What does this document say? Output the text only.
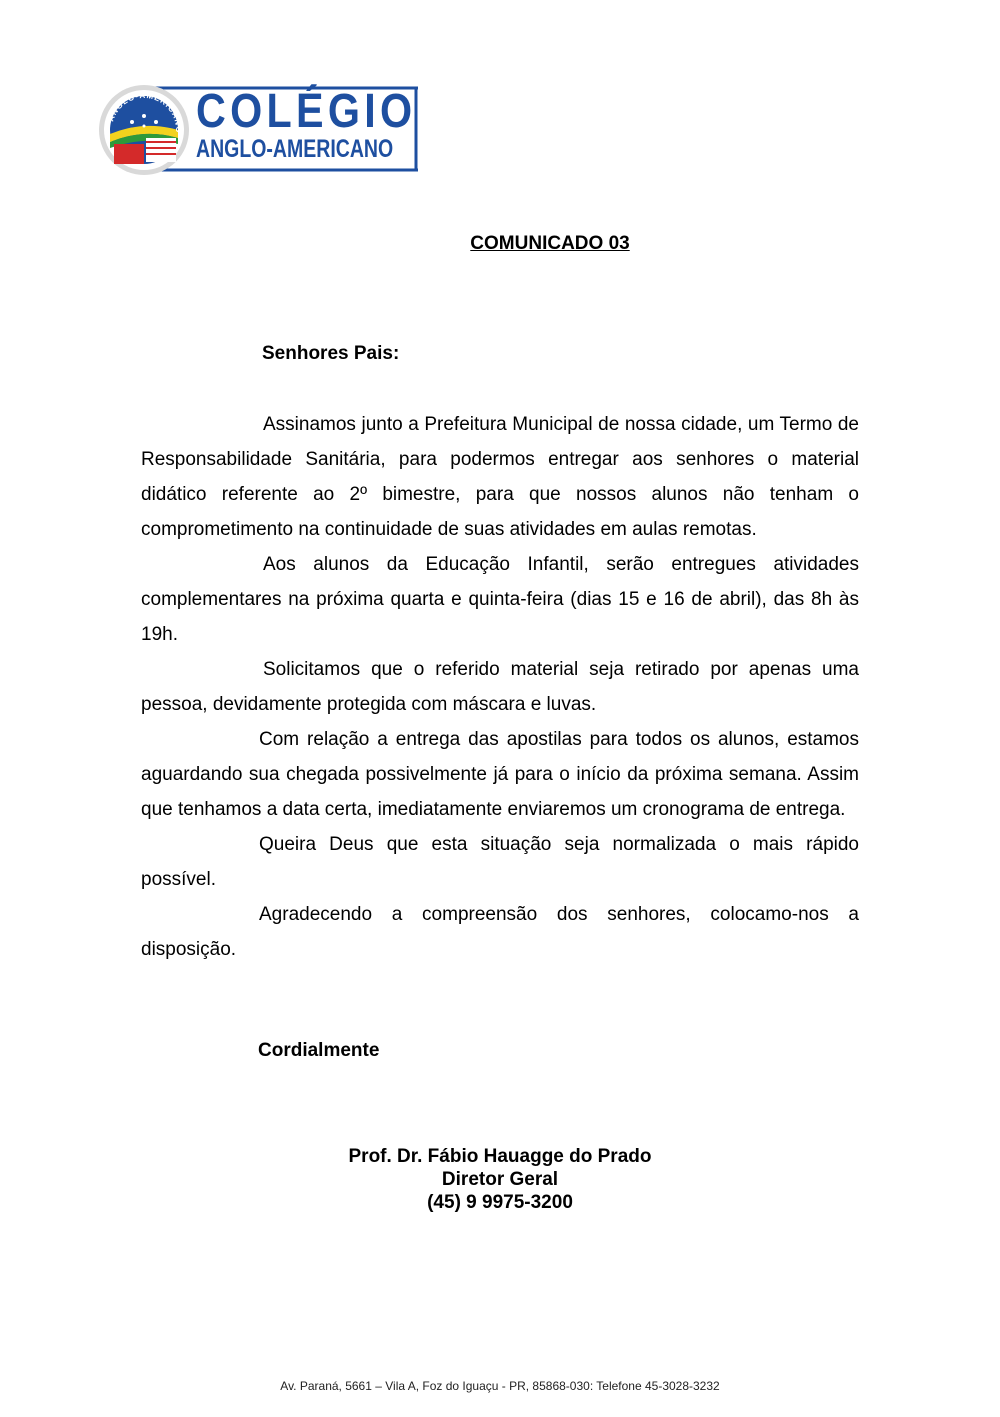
ANGLO-AMERICANO COLÉGIO
ANGLO-AMERICANO
COMUNICADO 03
Senhores Pais:

Assinamos junto a Prefeitura Municipal de nossa cidade, um Termo de Responsabilidade Sanitária, para podermos entregar aos senhores o material didático referente ao 2º bimestre, para que nossos alunos não tenham o comprometimento na continuidade de suas atividades em aulas remotas.

Aos alunos da Educação Infantil, serão entregues atividades complementares na próxima quarta e quinta-feira (dias 15 e 16 de abril), das 8h às 19h.

Solicitamos que o referido material seja retirado por apenas uma pessoa, devidamente protegida com máscara e luvas.

Com relação a entrega das apostilas para todos os alunos, estamos aguardando sua chegada possivelmente já para o início da próxima semana. Assim que tenhamos a data certa, imediatamente enviaremos um cronograma de entrega.

Queira Deus que esta situação seja normalizada o mais rápido possível.

Agradecendo a compreensão dos senhores, colocamo-nos a disposição.

Cordialmente
Prof. Dr. Fábio Hauagge do Prado
Diretor Geral
(45) 9 9975-3200
Av. Paraná, 5661 – Vila A, Foz do Iguaçu - PR, 85868-030: Telefone 45-3028-3232
